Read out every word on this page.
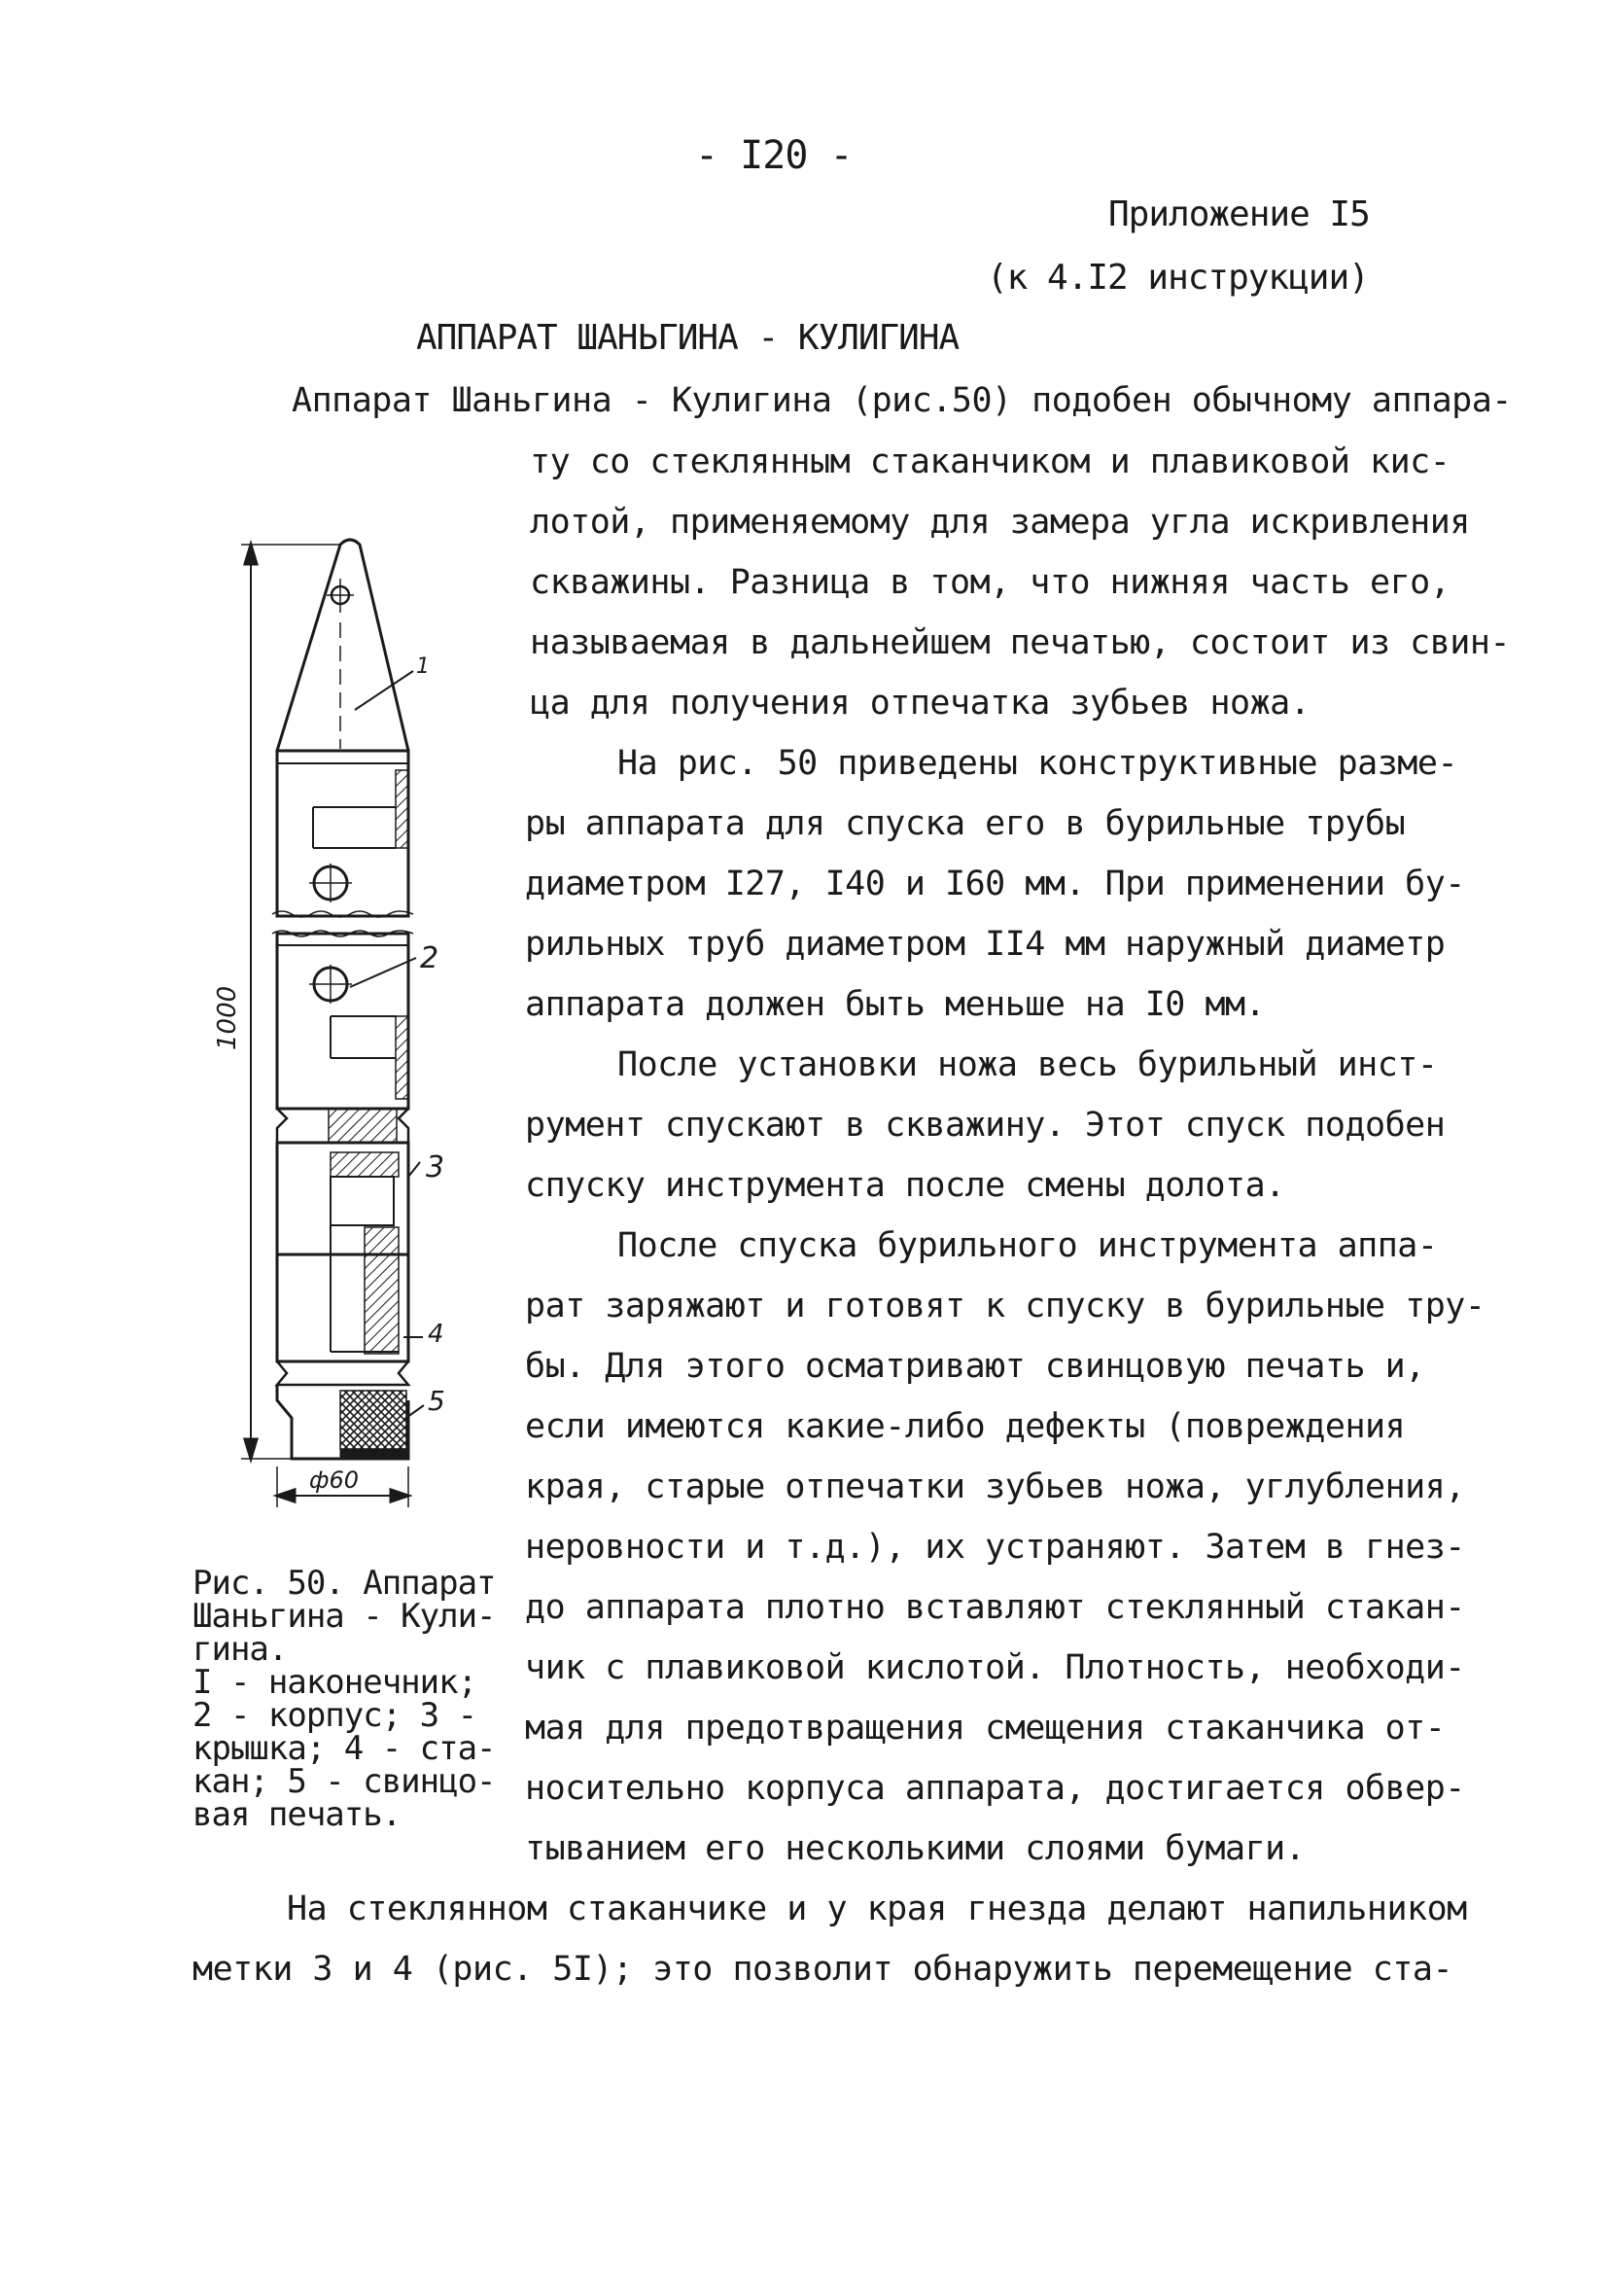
- I20 -
Приложение I5
(к 4.I2 инструкции)
АППАРАТ ШАНЬГИНА - КУЛИГИНА
Аппарат Шаньгина - Кулигина (рис.50) подобен обычному аппара-
ту со стеклянным стаканчиком и плавиковой кис-
лотой, применяемому для замера угла искривления
скважины. Разница в том, что нижняя часть его,
называемая в дальнейшем печатью, состоит из свин-
ца для получения отпечатка зубьев ножа.
На рис. 50 приведены конструктивные разме-
ры аппарата для спуска его в бурильные трубы
диаметром I27, I40 и I60 мм. При применении бу-
рильных труб диаметром II4 мм наружный диаметр
аппарата должен быть меньше на I0 мм.
После установки ножа весь бурильный инст-
румент спускают в скважину. Этот спуск подобен
спуску инструмента после смены долота.
После спуска бурильного инструмента аппа-
рат заряжают и готовят к спуску в бурильные тру-
бы. Для этого осматривают свинцовую печать и,
если имеются какие-либо дефекты (повреждения
края, старые отпечатки зубьев ножа, углубления,
неровности и т.д.), их устраняют. Затем в гнез-
до аппарата плотно вставляют стеклянный стакан-
чик с плавиковой кислотой. Плотность, необходи-
мая для предотвращения смещения стаканчика от-
носительно корпуса аппарата, достигается обвер-
тыванием его несколькими слоями бумаги.
На стеклянном стаканчике и у края гнезда делают напильником
метки 3 и 4 (рис. 5I); это позволит обнаружить перемещение ста-
1000
ф60
1
2
3
4
5
Рис. 50. Аппарат
Шаньгина - Кули-
гина.
I - наконечник;
2 - корпус; 3 -
крышка; 4 - ста-
кан; 5 - свинцо-
вая печать.
